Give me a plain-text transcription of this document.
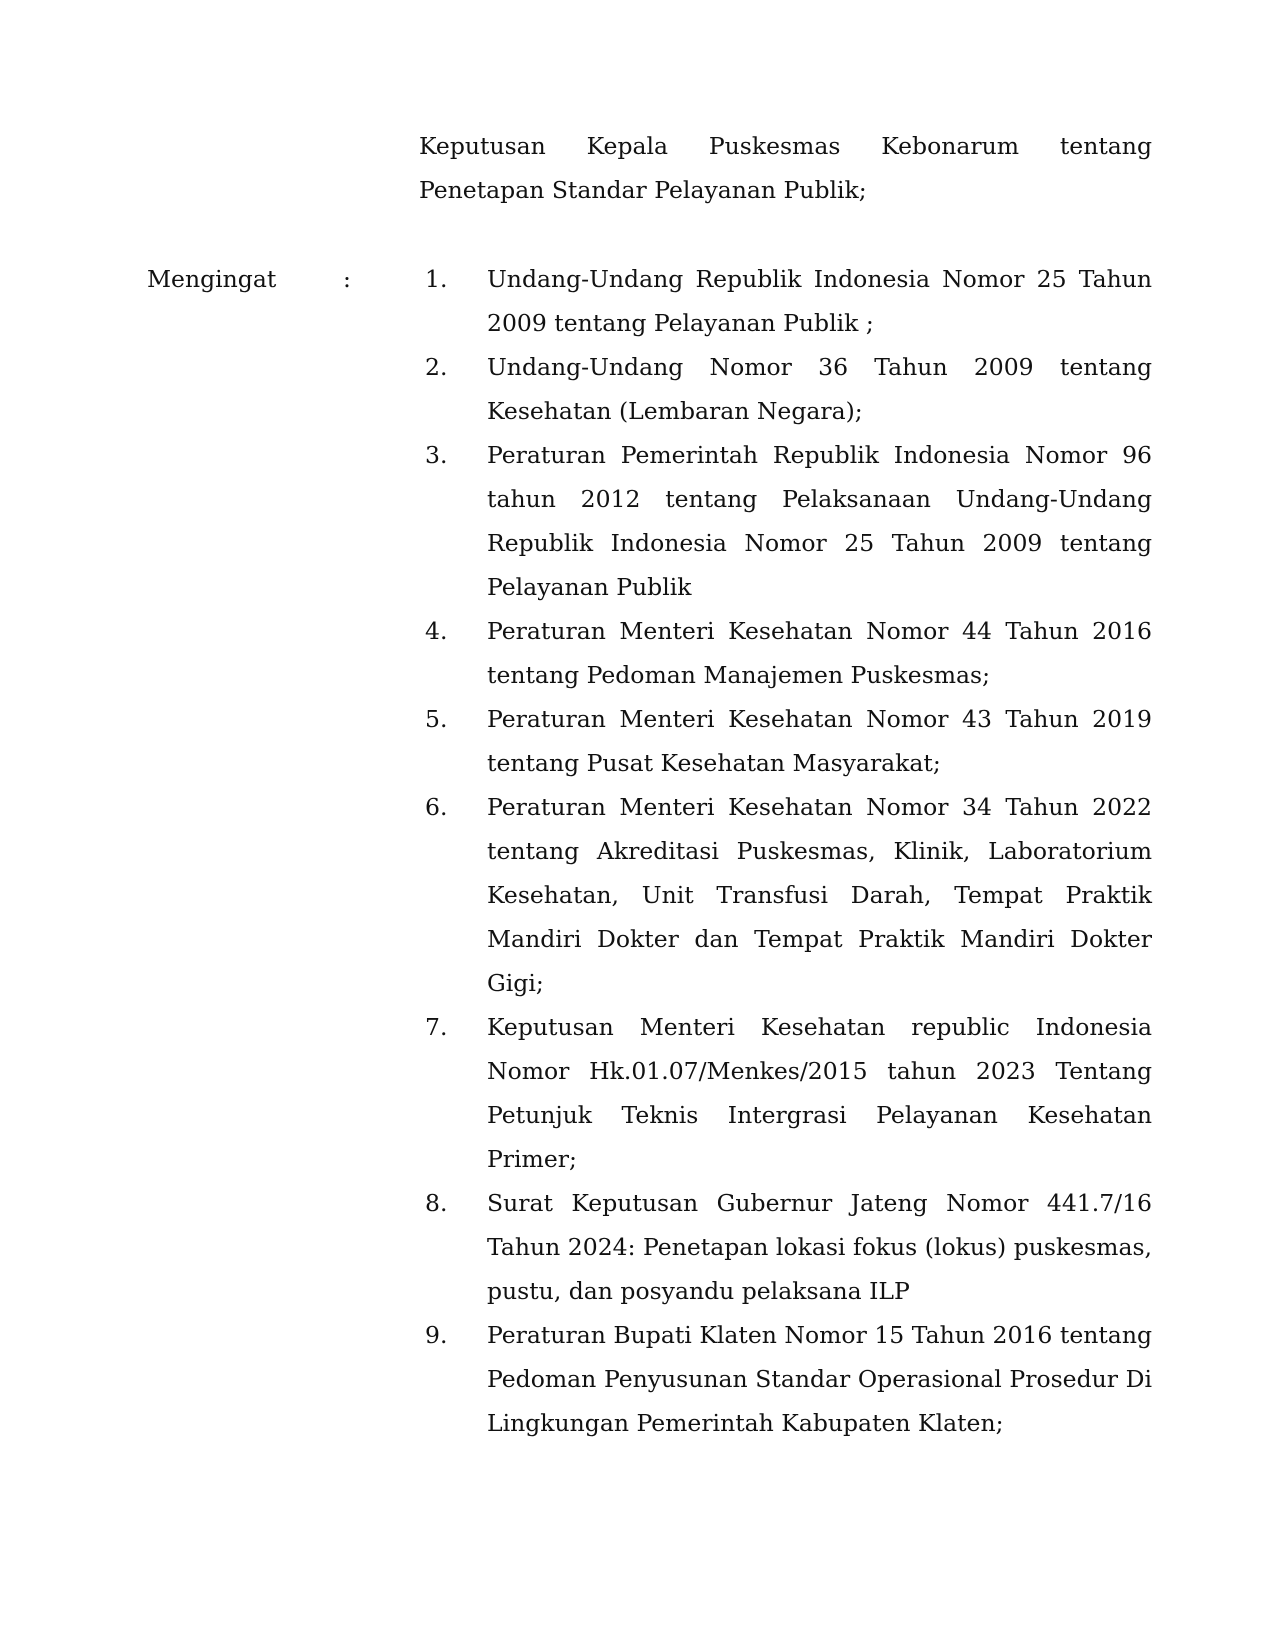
Keputusan Kepala Puskesmas Kebonarum tentang
Penetapan Standar Pelayanan Publik;
Mengingat	:	1.	Undang-Undang Republik Indonesia Nomor 25 Tahun 2009 tentang Pelayanan Publik ;
2.	Undang-Undang Nomor 36 Tahun 2009 tentang Kesehatan (Lembaran Negara);
3.	Peraturan Pemerintah Republik Indonesia Nomor 96 tahun 2012 tentang Pelaksanaan Undang-Undang Republik Indonesia Nomor 25 Tahun 2009 tentang Pelayanan Publik
4.	Peraturan Menteri Kesehatan Nomor 44 Tahun 2016 tentang Pedoman Manajemen Puskesmas;
5.	Peraturan Menteri Kesehatan Nomor 43 Tahun 2019 tentang Pusat Kesehatan Masyarakat;
6.	Peraturan Menteri Kesehatan Nomor 34 Tahun 2022 tentang Akreditasi Puskesmas, Klinik, Laboratorium Kesehatan, Unit Transfusi Darah, Tempat Praktik Mandiri Dokter dan Tempat Praktik Mandiri Dokter Gigi;
7.	Keputusan Menteri Kesehatan republic Indonesia Nomor Hk.01.07/Menkes/2015 tahun 2023 Tentang Petunjuk Teknis Intergrasi Pelayanan Kesehatan Primer;
8.	Surat Keputusan Gubernur Jateng Nomor 441.7/16 Tahun 2024: Penetapan lokasi fokus (lokus) puskesmas, pustu, dan posyandu pelaksana ILP
9.	Peraturan Bupati Klaten Nomor 15 Tahun 2016 tentang Pedoman Penyusunan Standar Operasional Prosedur Di Lingkungan Pemerintah Kabupaten Klaten;
